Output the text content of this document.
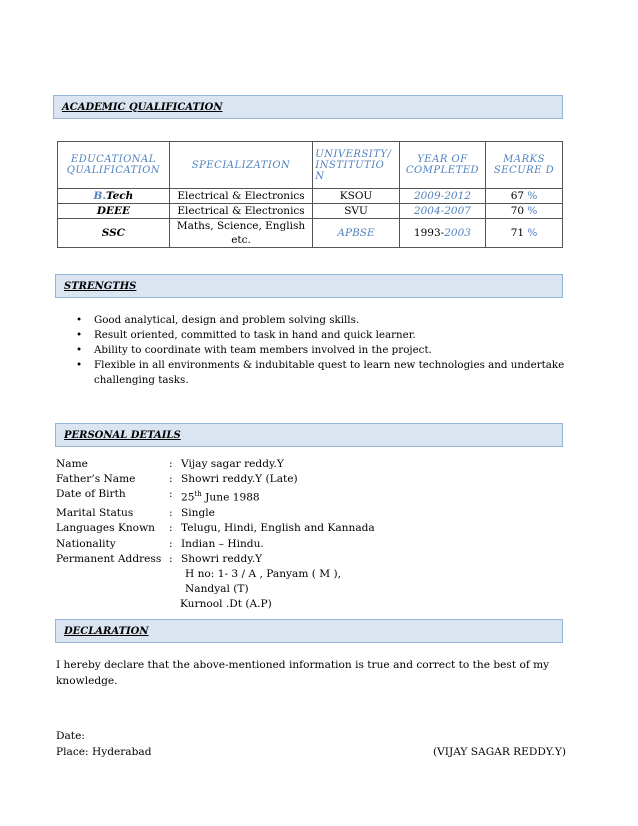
ACADEMIC QUALIFICATION
EDUCATIONAL QUALIFICATION	SPECIALIZATION	UNIVERSITY/ INSTITUTIO N	YEAR OF COMPLETED	MARKS SECURE D
B.Tech	Electrical & Electronics	KSOU	2009-2012	67 %
DEEE	Electrical & Electronics	SVU	2004-2007	70 %
SSC	Maths, Science, English etc.	APBSE	1993-2003	71 %
STRENGTHS
• Good analytical, design and problem solving skills.
• Result oriented, committed to task in hand and quick learner.
• Ability to coordinate with team members involved in the project.
• Flexible in all environments & indubitable quest to learn new technologies and undertake challenging tasks.
PERSONAL DETAILS
Name	: Vijay sagar reddy.Y
Father’s Name	: Showri reddy.Y (Late)
Date of Birth	: 25th June 1988
Marital Status	: Single
Languages Known	: Telugu, Hindi, English and Kannada
Nationality	: Indian – Hindu.
Permanent Address : Showri reddy.Y
H no: 1- 3 / A , Panyam ( M ),
Nandyal (T)
Kurnool .Dt (A.P)
DECLARATION
I hereby declare that the above-mentioned information is true and correct to the best of my knowledge.
Date:
Place: Hyderabad	(VIJAY SAGAR REDDY.Y)
